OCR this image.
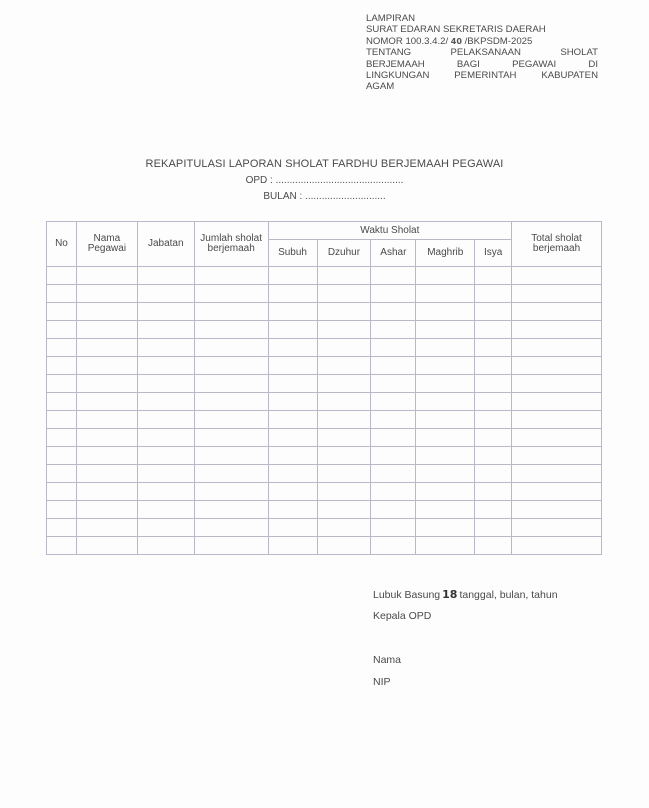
LAMPIRAN
SURAT EDARAN SEKRETARIS DAERAH
NOMOR 100.3.4.2/ 40 /BKPSDM-2025
TENTANG PELAKSANAAN SHOLAT
BERJEMAAH BAGI PEGAWAI DI
LINGKUNGAN PEMERINTAH KABUPATEN
AGAM
REKAPITULASI LAPORAN SHOLAT FARDHU BERJEMAAH PEGAWAI
OPD : ..............................................
BULAN : .............................
No	Nama Pegawai	Jabatan	Jumlah sholat berjemaah	Waktu Sholat					Total sholat berjemaah
				Subuh	Dzuhur	Ashar	Maghrib	Isya	

Lubuk Basung 18 tanggal, bulan, tahun
Kepala OPD
Nama
NIP
